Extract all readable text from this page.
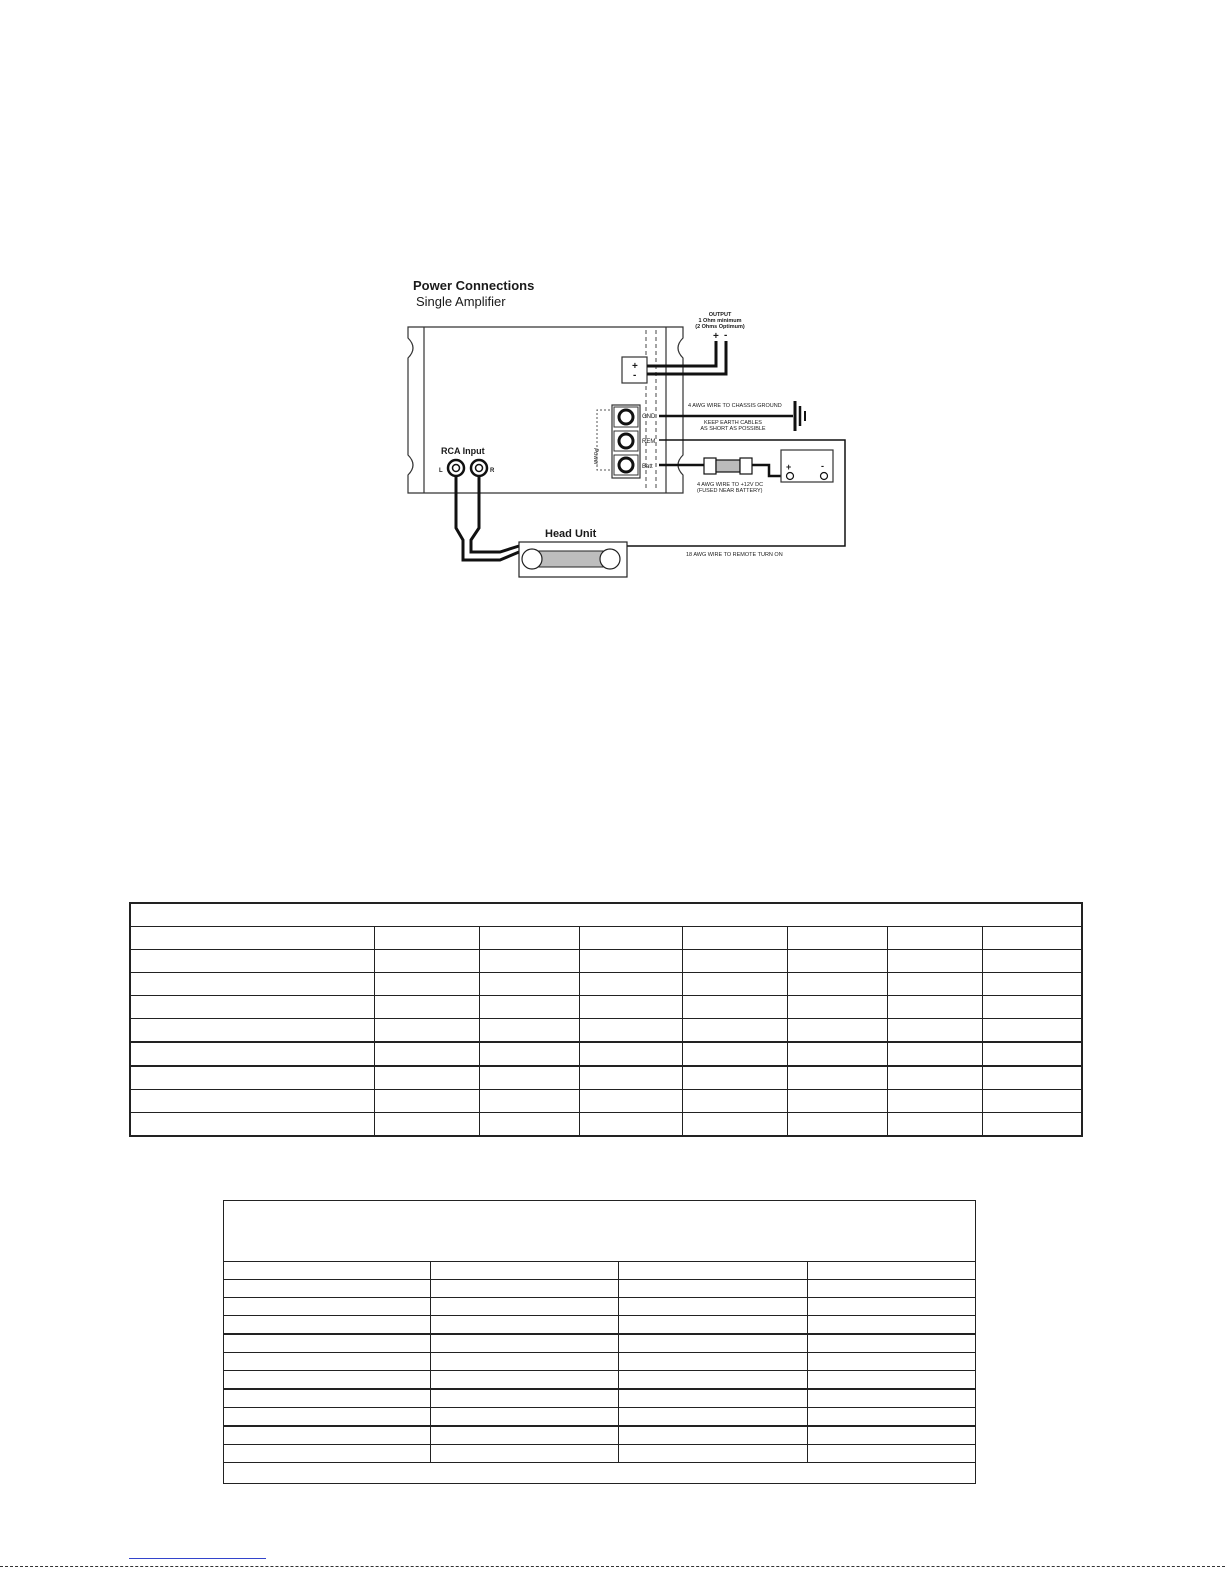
Power Connections
Single Amplifier
+
-
OUTPUT
1 Ohm minimum
(2 Ohms Optimum)
+ -
Power
GND
REM
Batt
4 AWG WIRE TO CHASSIS GROUND
KEEP EARTH CABLES
AS SHORT AS POSSIBLE
18 AWG WIRE TO REMOTE TURN ON
4 AWG WIRE TO +12V DC
(FUSED NEAR BATTERY)
+	-
RCA Input
L	R
Head Unit
